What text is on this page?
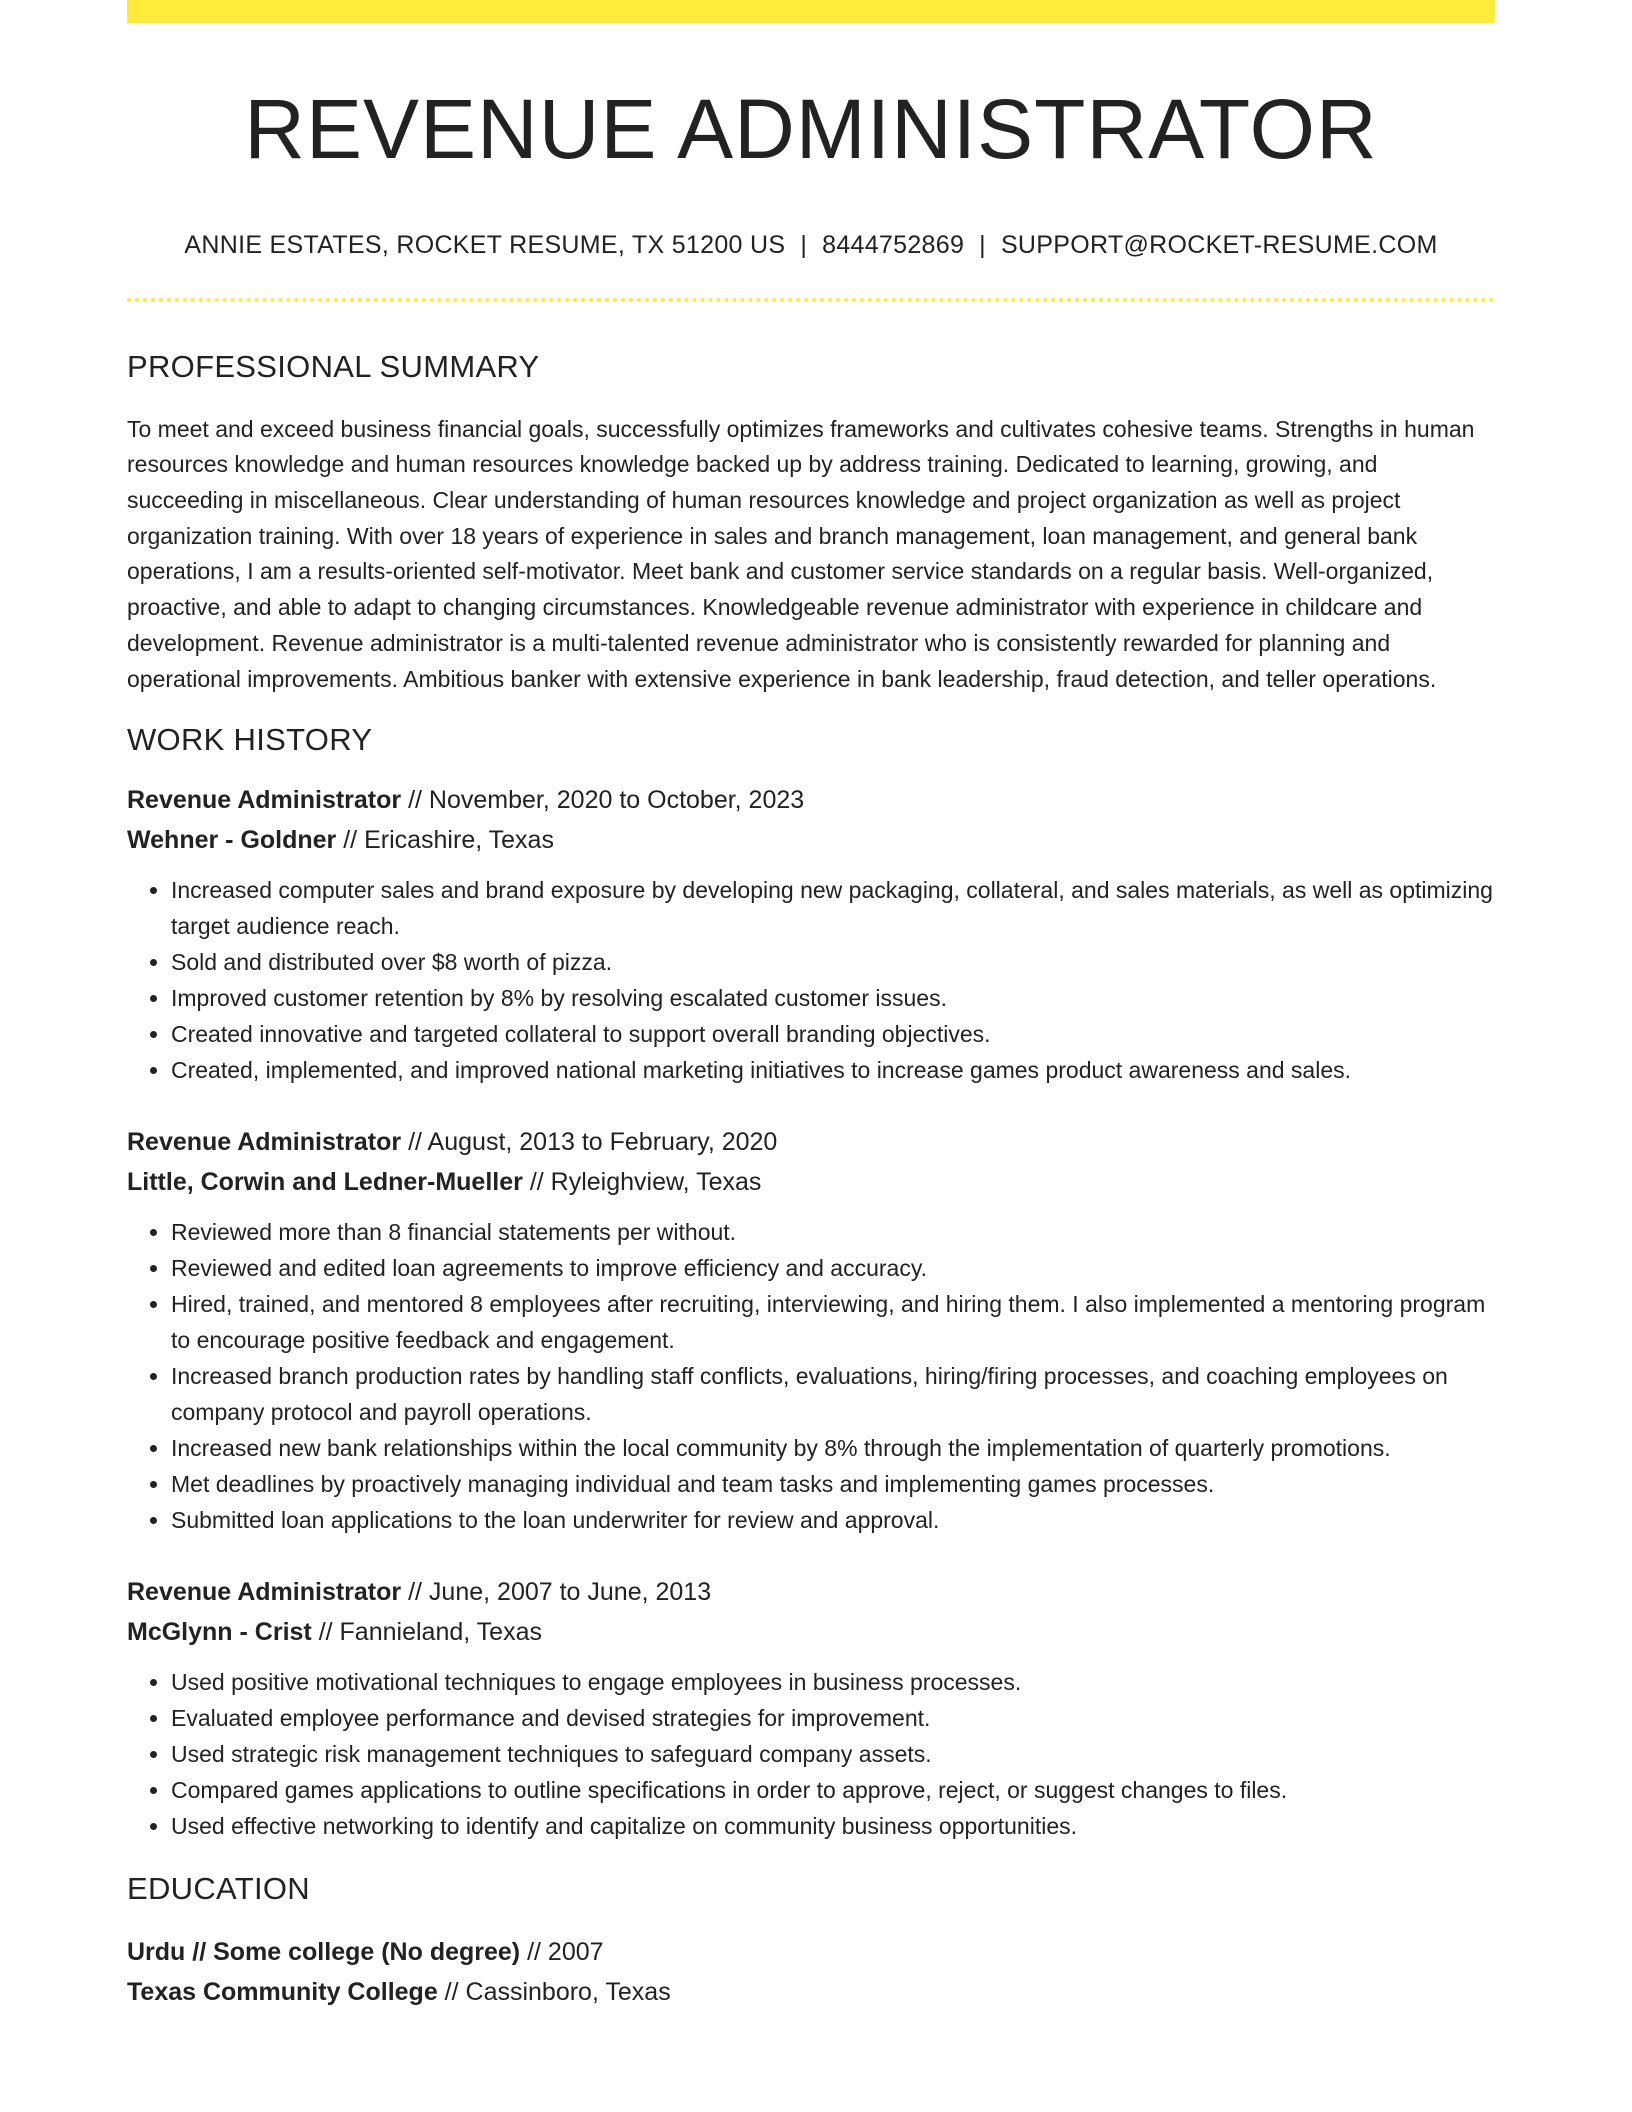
REVENUE ADMINISTRATOR
ANNIE ESTATES, ROCKET RESUME, TX 51200 US | 8444752869 | SUPPORT@ROCKET-RESUME.COM
PROFESSIONAL SUMMARY

To meet and exceed business financial goals, successfully optimizes frameworks and cultivates cohesive teams. Strengths in human resources knowledge and human resources knowledge backed up by address training. Dedicated to learning, growing, and succeeding in miscellaneous. Clear understanding of human resources knowledge and project organization as well as project organization training. With over 18 years of experience in sales and branch management, loan management, and general bank operations, I am a results-oriented self-motivator. Meet bank and customer service standards on a regular basis. Well-organized, proactive, and able to adapt to changing circumstances. Knowledgeable revenue administrator with experience in childcare and development. Revenue administrator is a multi-talented revenue administrator who is consistently rewarded for planning and operational improvements. Ambitious banker with extensive experience in bank leadership, fraud detection, and teller operations.

WORK HISTORY
Revenue Administrator // November, 2020 to October, 2023
Wehner - Goldner // Ericashire, Texas
• Increased computer sales and brand exposure by developing new packaging, collateral, and sales materials, as well as optimizing target audience reach.
• Sold and distributed over $8 worth of pizza.
• Improved customer retention by 8% by resolving escalated customer issues.
• Created innovative and targeted collateral to support overall branding objectives.
• Created, implemented, and improved national marketing initiatives to increase games product awareness and sales.
Revenue Administrator // August, 2013 to February, 2020
Little, Corwin and Ledner-Mueller // Ryleighview, Texas
• Reviewed more than 8 financial statements per without.
• Reviewed and edited loan agreements to improve efficiency and accuracy.
• Hired, trained, and mentored 8 employees after recruiting, interviewing, and hiring them. I also implemented a mentoring program to encourage positive feedback and engagement.
• Increased branch production rates by handling staff conflicts, evaluations, hiring/firing processes, and coaching employees on company protocol and payroll operations.
• Increased new bank relationships within the local community by 8% through the implementation of quarterly promotions.
• Met deadlines by proactively managing individual and team tasks and implementing games processes.
• Submitted loan applications to the loan underwriter for review and approval.
Revenue Administrator // June, 2007 to June, 2013
McGlynn - Crist // Fannieland, Texas
• Used positive motivational techniques to engage employees in business processes.
• Evaluated employee performance and devised strategies for improvement.
• Used strategic risk management techniques to safeguard company assets.
• Compared games applications to outline specifications in order to approve, reject, or suggest changes to files.
• Used effective networking to identify and capitalize on community business opportunities.
EDUCATION
Urdu // Some college (No degree) // 2007
Texas Community College // Cassinboro, Texas
